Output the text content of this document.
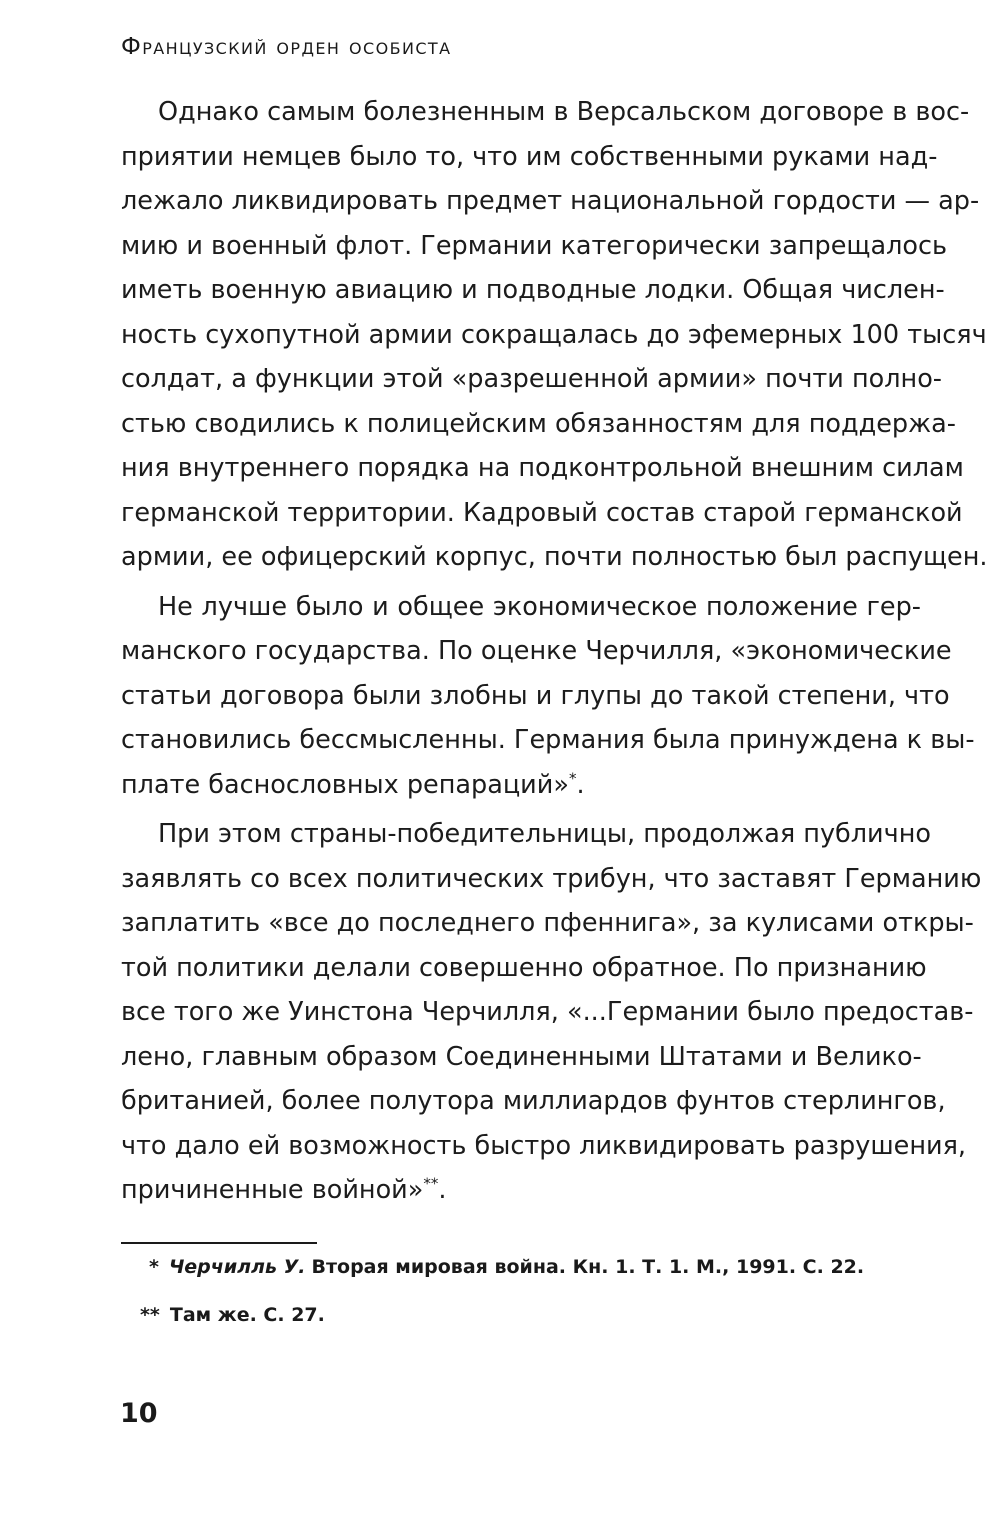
Французский орден особиста
Однако самым болезненным в Версальском договоре в вос-
приятии немцев было то, что им собственными руками над-
лежало ликвидировать предмет национальной гордости — ар-
мию и военный флот. Германии категорически запрещалось
иметь военную авиацию и подводные лодки. Общая числен-
ность сухопутной армии сокращалась до эфемерных 100 тысяч
солдат, а функции этой «разрешенной армии» почти полно-
стью сводились к полицейским обязанностям для поддержа-
ния внутреннего порядка на подконтрольной внешним силам
германской территории. Кадровый состав старой германской
армии, ее офицерский корпус, почти полностью был распущен.
Не лучше было и общее экономическое положение гер-
манского государства. По оценке Черчилля, «экономические
статьи договора были злобны и глупы до такой степени, что
становились бессмысленны. Германия была принуждена к вы-
плате баснословных репараций»*.
При этом страны-победительницы, продолжая публично
заявлять со всех политических трибун, что заставят Германию
заплатить «все до последнего пфеннига», за кулисами откры-
той политики делали совершенно обратное. По признанию
все того же Уинстона Черчилля, «...Германии было предостав-
лено, главным образом Соединенными Штатами и Велико-
британией, более полутора миллиардов фунтов стерлингов,
что дало ей возможность быстро ликвидировать разрушения,
причиненные войной»**.
* Черчилль У. Вторая мировая война. Кн. 1. Т. 1. М., 1991. С. 22.
** Там же. С. 27.
10
